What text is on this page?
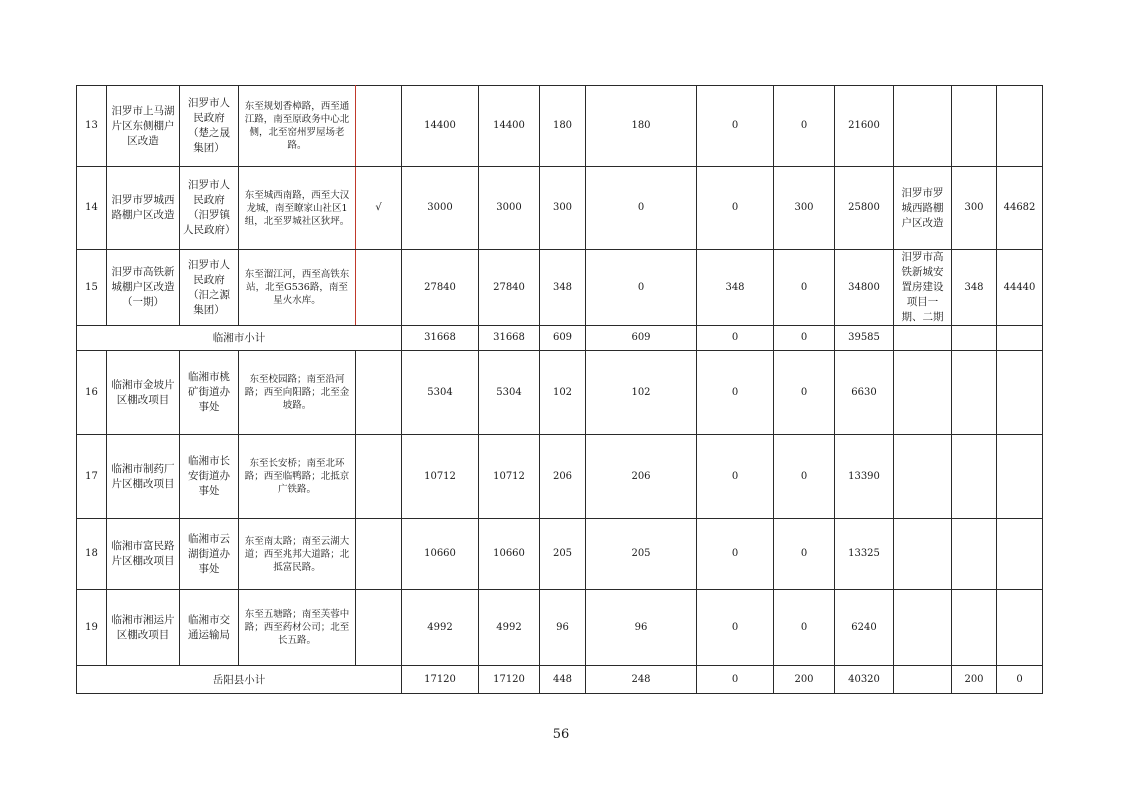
13	汨罗市上马湖片区东侧棚户区改造	汨罗市人民政府（楚之晟集团）	东至规划香樟路，西至通江路，南至原政务中心北侧，北至窑州罗屋场老路。		14400	14400	180	180	0	0	21600				
14	汨罗市罗城西路棚户区改造	汨罗市人民政府（汨罗镇人民政府）	东至城西南路，西至大汉龙城，南至瞭家山社区1组，北至罗城社区狄坪。	√	3000	3000	300	0	0	300	25800	汨罗市罗城西路棚户区改造	300	44682	
15	汨罗市高铁新城棚户区改造（一期）	汨罗市人民政府（汨之源集团）	东至溜江河，西至高铁东站，北至G536路，南至星火水库。		27840	27840	348	0	348	0	34800	汨罗市高铁新城安置房建设项目一期、二期	348	44440	
临湘市小计					31668	31668	609	609	0	0	39585				
16	临湘市金坡片区棚改项目	临湘市桃矿街道办事处	东至校园路；南至沿河路；西至向阳路；北至金坡路。		5304	5304	102	102	0	0	6630				
17	临湘市制药厂片区棚改项目	临湘市长安街道办事处	东至长安桥；南至北环路；西至临鸭路；北抵京广铁路。		10712	10712	206	206	0	0	13390				
18	临湘市富民路片区棚改项目	临湘市云湖街道办事处	东至南太路；南至云湖大道；西至兆邦大道路；北抵富民路。		10660	10660	205	205	0	0	13325				
19	临湘市湘运片区棚改项目	临湘市交通运输局	东至五塘路；南至芙蓉中路；西至药材公司；北至长五路。		4992	4992	96	96	0	0	6240				
岳阳县小计					17120	17120	448	248	0	200	40320		200	0	
56
